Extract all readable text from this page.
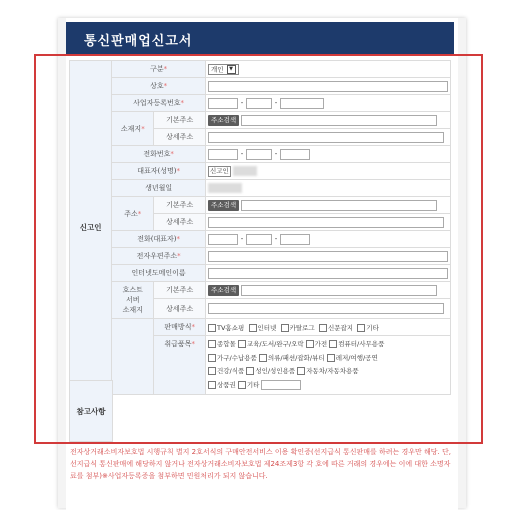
통신판매업신고서
신고인	구분*		개인 ▼
	상호*		
	사업자등록번호*		- -
	소재지*	기본주소	주소검색
		상세주소	
	전화번호*		- -
	대표자(성명)*		신고인
	생년월일		
	주소*	기본주소	주소검색
		상세주소	
	전화(대표자)*		- -
	전자우편주소*		
	인터넷도메인이름		
	호스트
서버
소재지	기본주소	주소검색
		상세주소	
		판매방식*	TV홈쇼핑 인터넷 카탈로그 신문잡지 기타
		취급품목*	종합몰 교육/도서/완구/오락 가전 컴퓨터/사무용품
가구/수납용품 의류/패션/잡화/뷰티 레저/여행/공연
건강/식품 성인/성인용품 자동차/자동차용품
상품권 기타
참고사항
전자상거래소비자보호법 시행규칙 별지 2호서식의 구매안전서비스 이용 확인증(선지급식 통신판매를 하려는 경우만 해당. 단, 선지급식 통신판매에 해당하지 않거나 전자상거래소비자보호법 제24조제3항 각 호에 따른 거래의 경우에는 이에 대한 소명자료를 첨부)※사업자등록증을 첨부하면 민원처리가 되지 않습니다.
